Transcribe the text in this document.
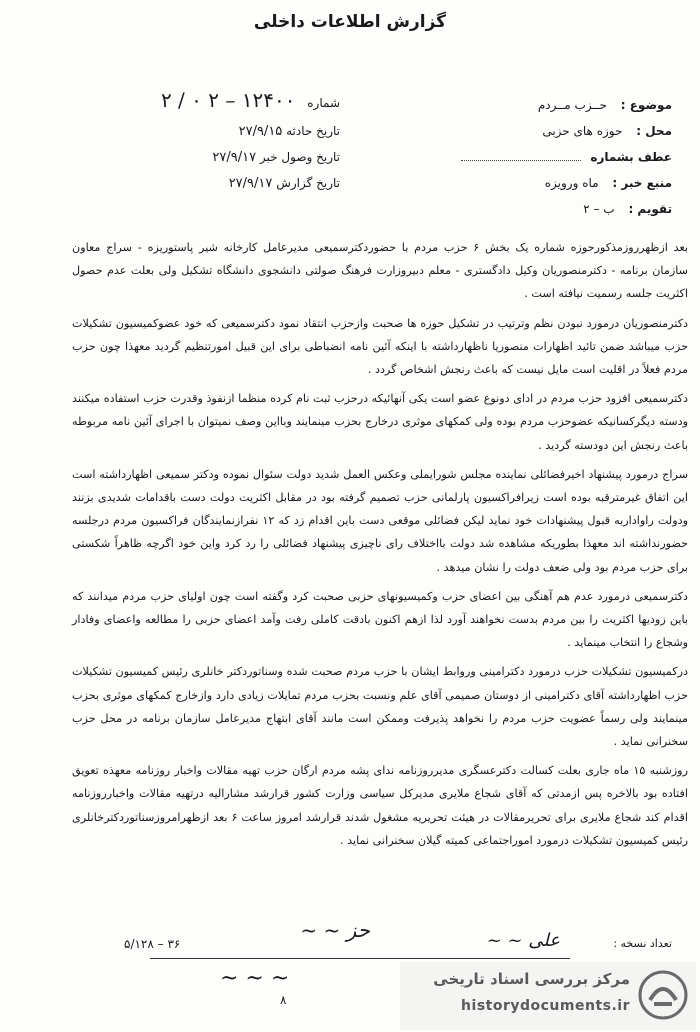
گزارش اطلاعات داخلی
موضوع : حــزب مــردم
محل : حوزه های حزبی
عطف بشماره
منبع خبر : ماه ورویزه
تقویم : ب – ۲
شماره ۱۲۴۰۰ – ۲ ۰ / ۲
تاریخ حادثه ۲۷/۹/۱۵
تاریخ وصول خبر ۲۷/۹/۱۷
تاریخ گزارش ۲۷/۹/۱۷

بعد ازظهرروزمذکورحوزه شماره یک بخش ۶ حزب مردم با حضوردکترسمیعی مدیرعامل کارخانه شیر پاستوریزه - سراج معاون سازمان برنامه - دکترمنصوریان وکیل دادگستری - معلم دبیروزارت فرهنگ صولتی دانشجوی دانشگاه تشکیل ولی بعلت عدم حصول اکثریت جلسه رسمیت نیافته است .

دکترمنصوریان درمورد نبودن نظم وترتیب در تشکیل حوزه ها صحبت وازحزب انتقاد نمود دکترسمیعی که خود عضوکمیسیون تشکیلات حزب میباشد ضمن تائید اظهارات منصوریا ناظهارداشته با اینکه آئین نامه انضباطی برای این قبیل امورتنظیم گردید معهذا چون حزب مردم فعلاً در اقلیت است مایل نیست که باعث رنجش اشخاص گردد .

دکترسمیعی افزود حزب مردم در ادای دونوع عضو است یکی آنهائیکه درحزب ثبت نام کرده منظما ازنفوذ وقدرت حزب استفاده میکنند ودسته دیگرکسانیکه عضوحزب مردم بوده ولی کمکهای موثری درخارج بحزب مینمایند وبااین وصف نمیتوان با اجرای آئین نامه مربوطه باعث رنجش این دودسته گردید .

سراج درمورد پیشنهاد اخیرفضائلی نماینده مجلس شورایملی وعکس العمل شدید دولت سئوال نموده ودکتر سمیعی اظهارداشته است این اتفاق غیرمترقبه بوده است زیرافراکسیون پارلمانی حزب تصمیم گرفته بود در مقابل اکثریت دولت دست باقدامات شدیدی بزنند ودولت راواداربه قبول پیشنهادات خود نماید لیکن فضائلی موقعی دست باین اقدام زد که ۱۲ نفرازنمایندگان فراکسیون مردم درجلسه حضورنداشته اند معهذا بطوریکه مشاهده شد دولت بااختلاف رای ناچیزی پیشنهاد فضائلی را رد کرد واین خود اگرچه ظاهراً شکستی برای حزب مردم بود ولی ضعف دولت را نشان میدهد .

دکترسمیعی درمورد عدم هم آهنگی بین اعضای حزب وکمیسیونهای حزبی صحبت کرد وگفته است چون اولیای حزب مردم میدانند که باین زودیها اکثریت را بین مردم بدست نخواهند آورد لذا ازهم اکنون بادقت کاملی رفت وآمد اعضای حزبی را مطالعه واعضای وفادار وشجاع را انتخاب مینماید .

درکمیسیون تشکیلات حزب درمورد دکترامینی وروابط ایشان با حزب مردم صحبت شده وسناتوردکتر خانلری رئیس کمیسیون تشکیلات حزب اظهارداشته آقای دکترامینی از دوستان صمیمی آقای علم ونسبت بحزب مردم تمایلات زیادی دارد وازخارج کمکهای موثری بحزب مینمایند ولی رسماً عضویت حزب مردم را نخواهد پذیرفت وممکن است مانند آقای ابتهاج مدیرعامل سازمان برنامه در محل حزب سخنرانی نماید .

روزشنبه ۱۵ ماه جاری بعلت کسالت دکترعسگری مدیرروزنامه ندای پشه مردم ارگان حزب تهیه مقالات واخبار روزنامه معهذه تعویق افتاده بود بالاخره پس ازمدتی که آقای شجاع ملایری مدیرکل سیاسی وزارت کشور قرارشد مشاراليه درتهیه مقالات واخبارروزنامه اقدام کند شجاع ملایری برای تحریرمقالات در هیئت تحریریه مشغول شدند قرارشد امروز ساعت ۶ بعد ازظهرامروزسناتوردکترخانلری رئیس کمیسیون تشکیلات درمورد اموراجتماعی کمیته گیلان سخنرانی نماید .

تعداد نسخه :
۵/۱۲۸ – ۳۶	ﻋﻠﯽ ~ ~
ﺣﺰ ~ ~
~ ~ ~
۸
مرکز بررسی اسناد تاریخی
historydocuments.ir
